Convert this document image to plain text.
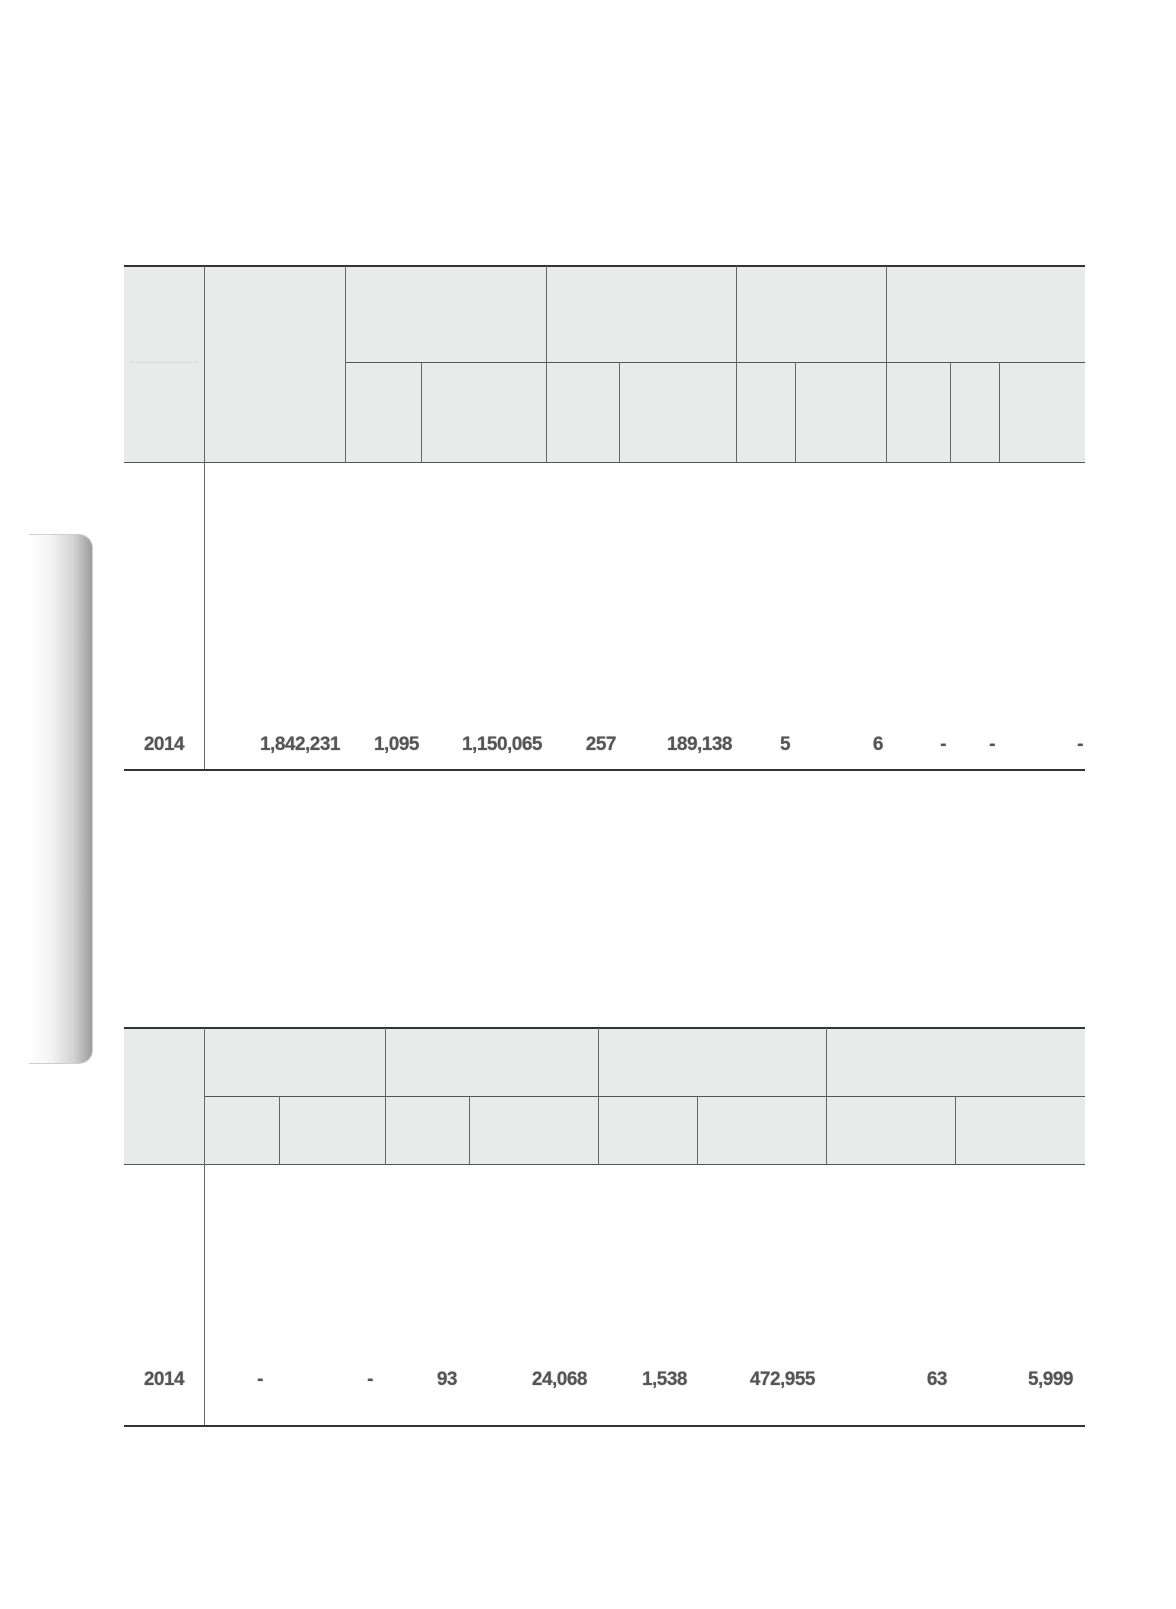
2014	1,842,231	1,095	1,150,065	257	189,138	5	6	-	-	-
2014	-	-	93	24,068	1,538	472,955	63	5,999
